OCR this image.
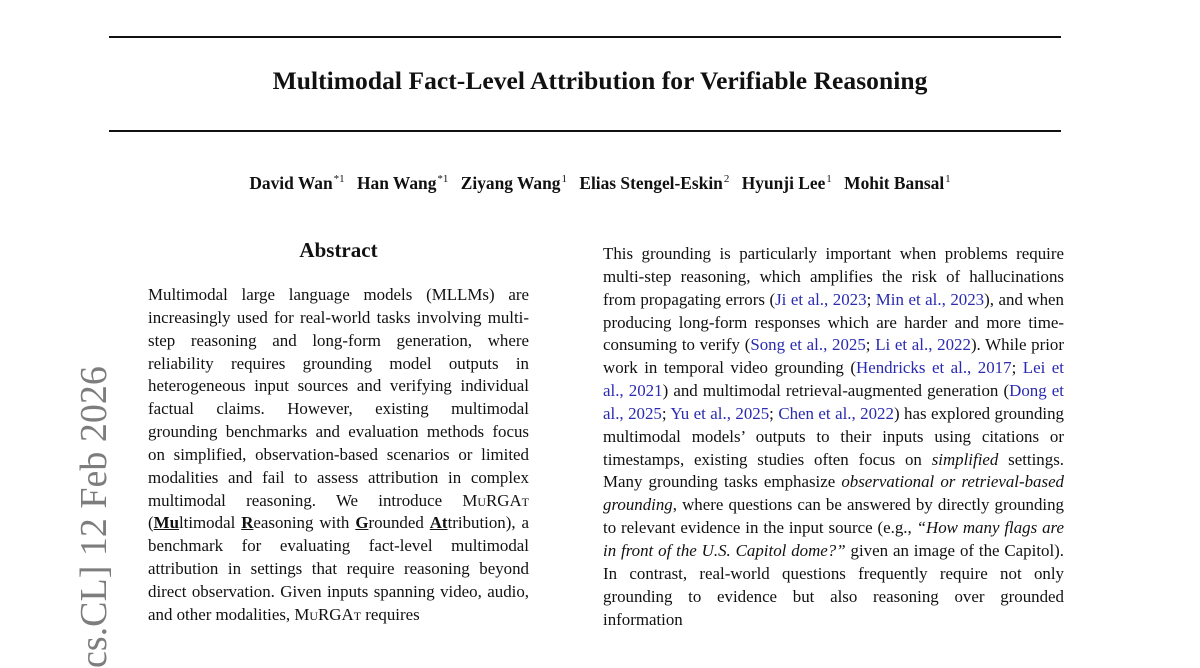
Multimodal Fact-Level Attribution for Verifiable Reasoning
David Wan$^{*1}$ Han Wang$^{*1}$ Ziyang Wang$^1$ Elias Stengel-Eskin$^2$ Hyunji Lee$^1$ Mohit Bansal$^1$
cs.CL] 12 Feb 2026
Abstract
Multimodal large language models (MLLMs) are increasingly used for real-world tasks involving multi-step reasoning and long-form generation, where reliability requires grounding model outputs in heterogeneous input sources and verifying individual factual claims. However, existing multimodal grounding benchmarks and evaluation methods focus on simplified, observation-based scenarios or limited modalities and fail to assess attribution in complex multimodal reasoning. We introduce MuRGAt (Multimodal Reasoning with Grounded Attribution), a benchmark for evaluating fact-level multimodal attribution in settings that require reasoning beyond direct observation. Given inputs spanning video, audio, and other modalities, MuRGAt requires
This grounding is particularly important when problems require multi-step reasoning, which amplifies the risk of hallucinations from propagating errors (Ji et al., 2023; Min et al., 2023), and when producing long-form responses which are harder and more time-consuming to verify (Song et al., 2025; Li et al., 2022). While prior work in temporal video grounding (Hendricks et al., 2017; Lei et al., 2021) and multimodal retrieval-augmented generation (Dong et al., 2025; Yu et al., 2025; Chen et al., 2022) has explored grounding multimodal models’ outputs to their inputs using citations or timestamps, existing studies often focus on simplified settings. Many grounding tasks emphasize observational or retrieval-based grounding, where questions can be answered by directly grounding to relevant evidence in the input source (e.g., “How many flags are in front of the U.S. Capitol dome?” given an image of the Capitol). In contrast, real-world questions frequently require not only grounding to evidence but also reasoning over grounded information
